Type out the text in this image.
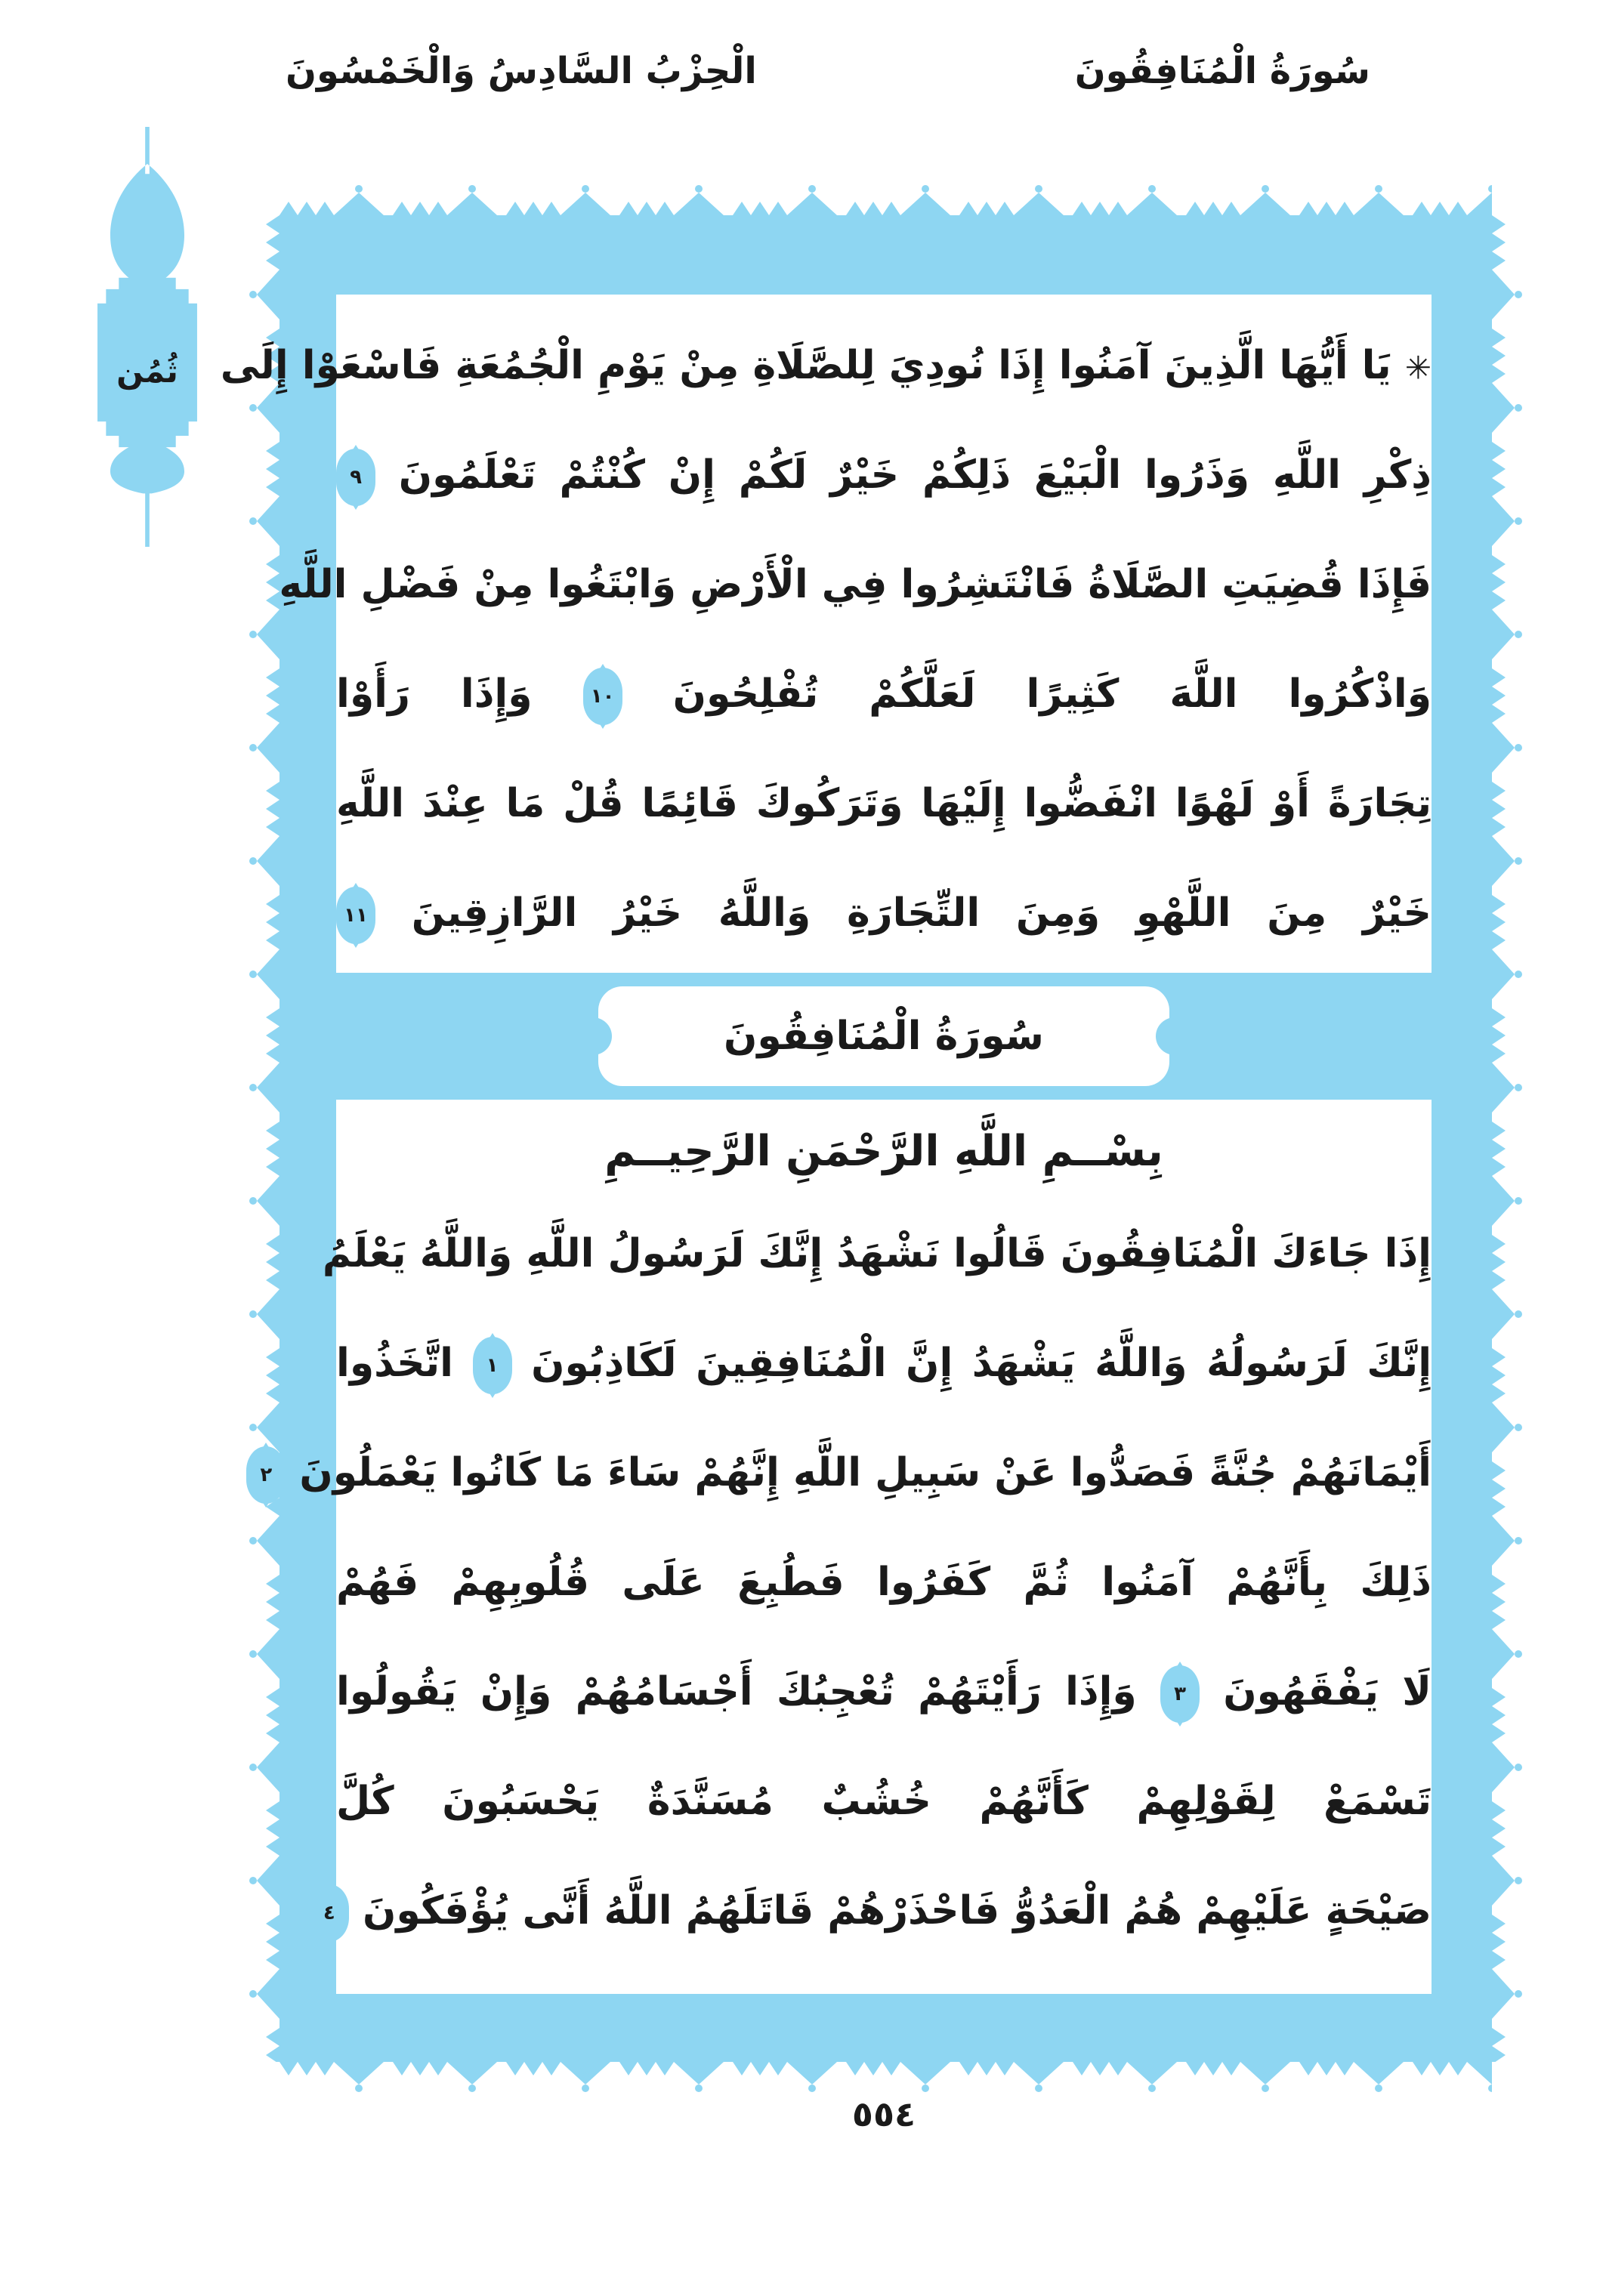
سُورَةُ الْمُنَافِقُونَ
الْحِزْبُ السَّادِسُ وَالْخَمْسُونَ
ثُمُن	✳ يَا أَيُّهَا الَّذِينَ آمَنُوا إِذَا نُودِيَ لِلصَّلَاةِ مِنْ يَوْمِ الْجُمُعَةِ فَاسْعَوْا إِلَى
ذِكْرِ اللَّهِ وَذَرُوا الْبَيْعَ ذَلِكُمْ خَيْرٌ لَكُمْ إِنْ كُنْتُمْ تَعْلَمُونَ
٩
فَإِذَا قُضِيَتِ الصَّلَاةُ فَانْتَشِرُوا فِي الْأَرْضِ وَابْتَغُوا مِنْ فَضْلِ اللَّهِ
وَاذْكُرُوا اللَّهَ كَثِيرًا لَعَلَّكُمْ تُفْلِحُونَ
١٠
وَإِذَا رَأَوْا
تِجَارَةً أَوْ لَهْوًا انْفَضُّوا إِلَيْهَا وَتَرَكُوكَ قَائِمًا قُلْ مَا عِنْدَ اللَّهِ
خَيْرٌ مِنَ اللَّهْوِ وَمِنَ التِّجَارَةِ وَاللَّهُ خَيْرُ الرَّازِقِينَ
١١
سُورَةُ الْمُنَافِقُونَ
بِسْــمِ اللَّهِ الرَّحْمَنِ الرَّحِيــمِ
إِذَا جَاءَكَ الْمُنَافِقُونَ قَالُوا نَشْهَدُ إِنَّكَ لَرَسُولُ اللَّهِ وَاللَّهُ يَعْلَمُ
إِنَّكَ لَرَسُولُهُ وَاللَّهُ يَشْهَدُ إِنَّ الْمُنَافِقِينَ لَكَاذِبُونَ
١
اتَّخَذُوا
أَيْمَانَهُمْ جُنَّةً فَصَدُّوا عَنْ سَبِيلِ اللَّهِ إِنَّهُمْ سَاءَ مَا كَانُوا يَعْمَلُونَ
٢
ذَلِكَ بِأَنَّهُمْ آمَنُوا ثُمَّ كَفَرُوا فَطُبِعَ عَلَى قُلُوبِهِمْ فَهُمْ
لَا يَفْقَهُونَ
٣
وَإِذَا رَأَيْتَهُمْ تُعْجِبُكَ أَجْسَامُهُمْ وَإِنْ يَقُولُوا
تَسْمَعْ لِقَوْلِهِمْ كَأَنَّهُمْ خُشُبٌ مُسَنَّدَةٌ يَحْسَبُونَ كُلَّ
صَيْحَةٍ عَلَيْهِمْ هُمُ الْعَدُوُّ فَاحْذَرْهُمْ قَاتَلَهُمُ اللَّهُ أَنَّى يُؤْفَكُونَ
٤
٥٥٤
